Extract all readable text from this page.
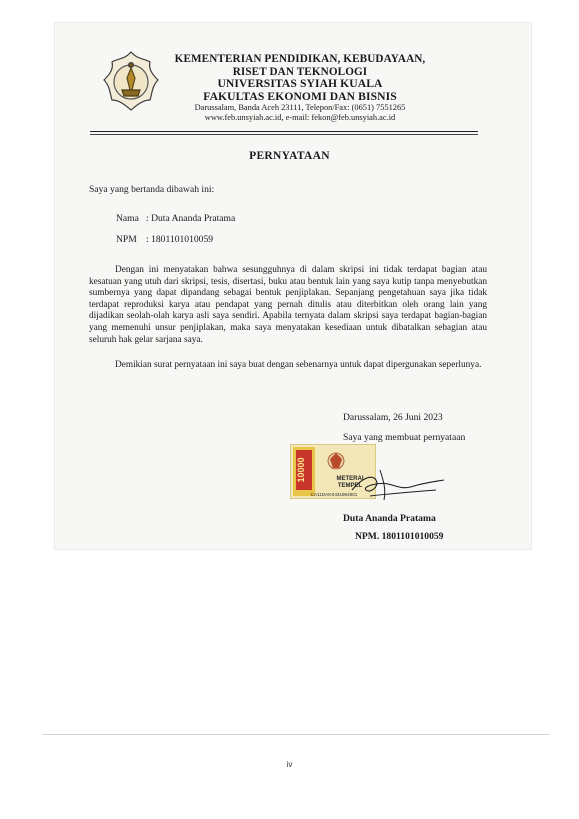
KEMENTERIAN PENDIDIKAN, KEBUDAYAAN,
RISET DAN TEKNOLOGI
UNIVERSITAS SYIAH KUALA
FAKULTAS EKONOMI DAN BISNIS
Darussalam, Banda Aceh 23111, Telepon/Fax: (0651) 7551265
www.feb.unsyiah.ac.id, e-mail: fekon@feb.unsyiah.ac.id
PERNYATAAN
Saya yang bertanda dibawah ini:
Nama : Duta Ananda Pratama
NPM : 1801101010059
Dengan ini menyatakan bahwa sesungguhnya di dalam skripsi ini tidak terdapat bagian atau kesatuan yang utuh dari skripsi, tesis, disertasi, buku atau bentuk lain yang saya kutip tanpa menyebutkan sumbernya yang dapat dipandang sebagai bentuk penjiplakan. Sepanjang pengetahuan saya jika tidak terdapat reproduksi karya atau pendapat yang pernah ditulis atau diterbitkan oleh orang lain yang dijadikan seolah-olah karya asli saya sendiri. Apabila ternyata dalam skripsi saya terdapat bagian-bagian yang memenuhi unsur penjiplakan, maka saya menyatakan kesediaan untuk dibatalkan sebagian atau seluruh hak gelar sarjana saya.
Demikian surat pernyataan ini saya buat dengan sebenarnya untuk dapat dipergunakan seperlunya.
Darussalam, 26 Juni 2023
Saya yang membuat pernyataan
10000	METERAI
TEMPEL
CA11DAKX431964901
Duta Ananda Pratama
NPM. 1801101010059
iv
